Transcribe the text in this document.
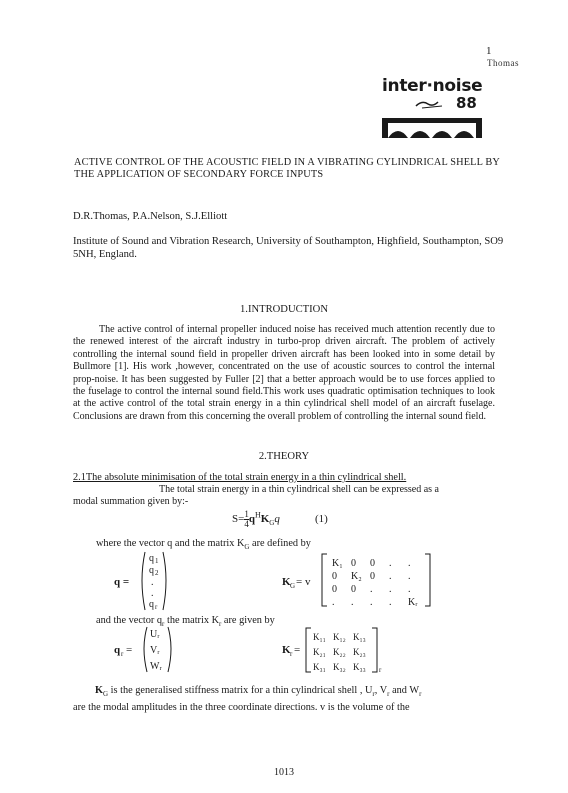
1
Thomas
inter·noise
88
ACTIVE CONTROL OF THE ACOUSTIC FIELD IN A VIBRATING CYLINDRICAL SHELL BY THE APPLICATION OF SECONDARY FORCE INPUTS
D.R.Thomas, P.A.Nelson, S.J.Elliott
Institute of Sound and Vibration Research, University of Southampton, Highfield, Southampton, SO9 5NH, England.
1.INTRODUCTION

The active control of internal propeller induced noise has received much attention recently due to the renewed interest of the aircraft industry in turbo-prop driven aircraft. The problem of actively controlling the internal sound field in propeller driven aircraft has been looked into in some detail by Bullmore [1]. His work ,however, concentrated on the use of acoustic sources to control the internal prop-noise. It has been suggested by Fuller [2] that a better approach would be to use forces applied to the fuselage to control the internal sound field.This work uses quadratic optimisation techniques to look at the active control of the total strain energy in a thin cylindrical shell model of an aircraft fuselage. Conclusions are drawn from this concerning the overall problem of controlling the internal sound field.

2.THEORY
2.1The absolute minimisation of the total strain energy in a thin cylindrical shell.
The total strain energy in a thin cylindrical shell can be expressed as a
modal summation given by:-
$S= \frac{1}{4} q^HK_Gq$	(1)
where the vector q and the matrix $K_G$ are defined by
q =
q 1
q 2
.
.
q r
K G = v
K₁ 0 0 . .
0 K₂ 0 . .
0 0 . . .
. . . . Kᵣ
q r =
Uᵣ
Vᵣ
Wᵣ
K r =
K₁₁ K₁₂ K₁₃
K₂₁ K₂₂ K₂₃
K₃₁ K₃₂ K₃₃ r
and the vector $q_r$ the matrix $K_r$ are given by
$K_G$ is the generalised stiffness matrix for a thin cylindrical shell , $U_r$, $V_r$ and $W_r$
are the modal amplitudes in the three coordinate directions. v is the volume of the
1013
